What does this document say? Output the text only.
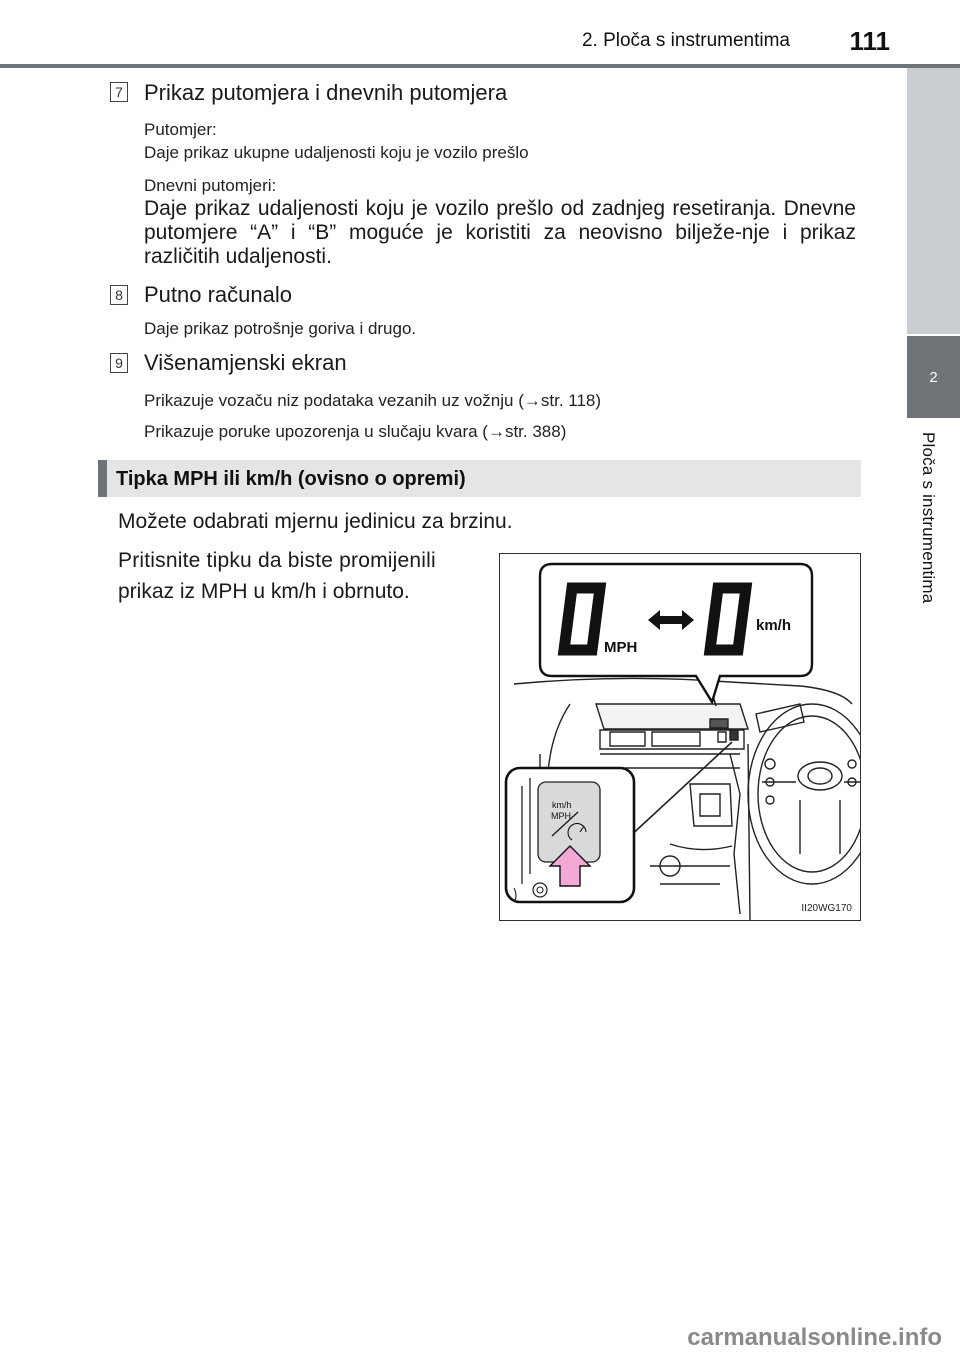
2. Ploča s instrumentima 111
2
Ploča s instrumentima
7 Prikaz putomjera i dnevnih putomjera
Putomjer:
Daje prikaz ukupne udaljenosti koju je vozilo prešlo
Dnevni putomjeri:
Daje prikaz udaljenosti koju je vozilo prešlo od zadnjeg resetiranja. Dnevne putomjere “A” i “B” moguće je koristiti za neovisno bilježe-nje i prikaz različitih udaljenosti.
8 Putno računalo
Daje prikaz potrošnje goriva i drugo.
9 Višenamjenski ekran
Prikazuje vozaču niz podataka vezanih uz vožnju (→str. 118)
Prikazuje poruke upozorenja u slučaju kvara (→str. 388)
Tipka MPH ili km/h (ovisno o opremi)
Možete odabrati mjernu jedinicu za brzinu.
Pritisnite tipku da biste promijenili
prikaz iz MPH u km/h i obrnuto.
MPH
km/h
km/h
MPH
II20WG170
carmanualsonline.info
